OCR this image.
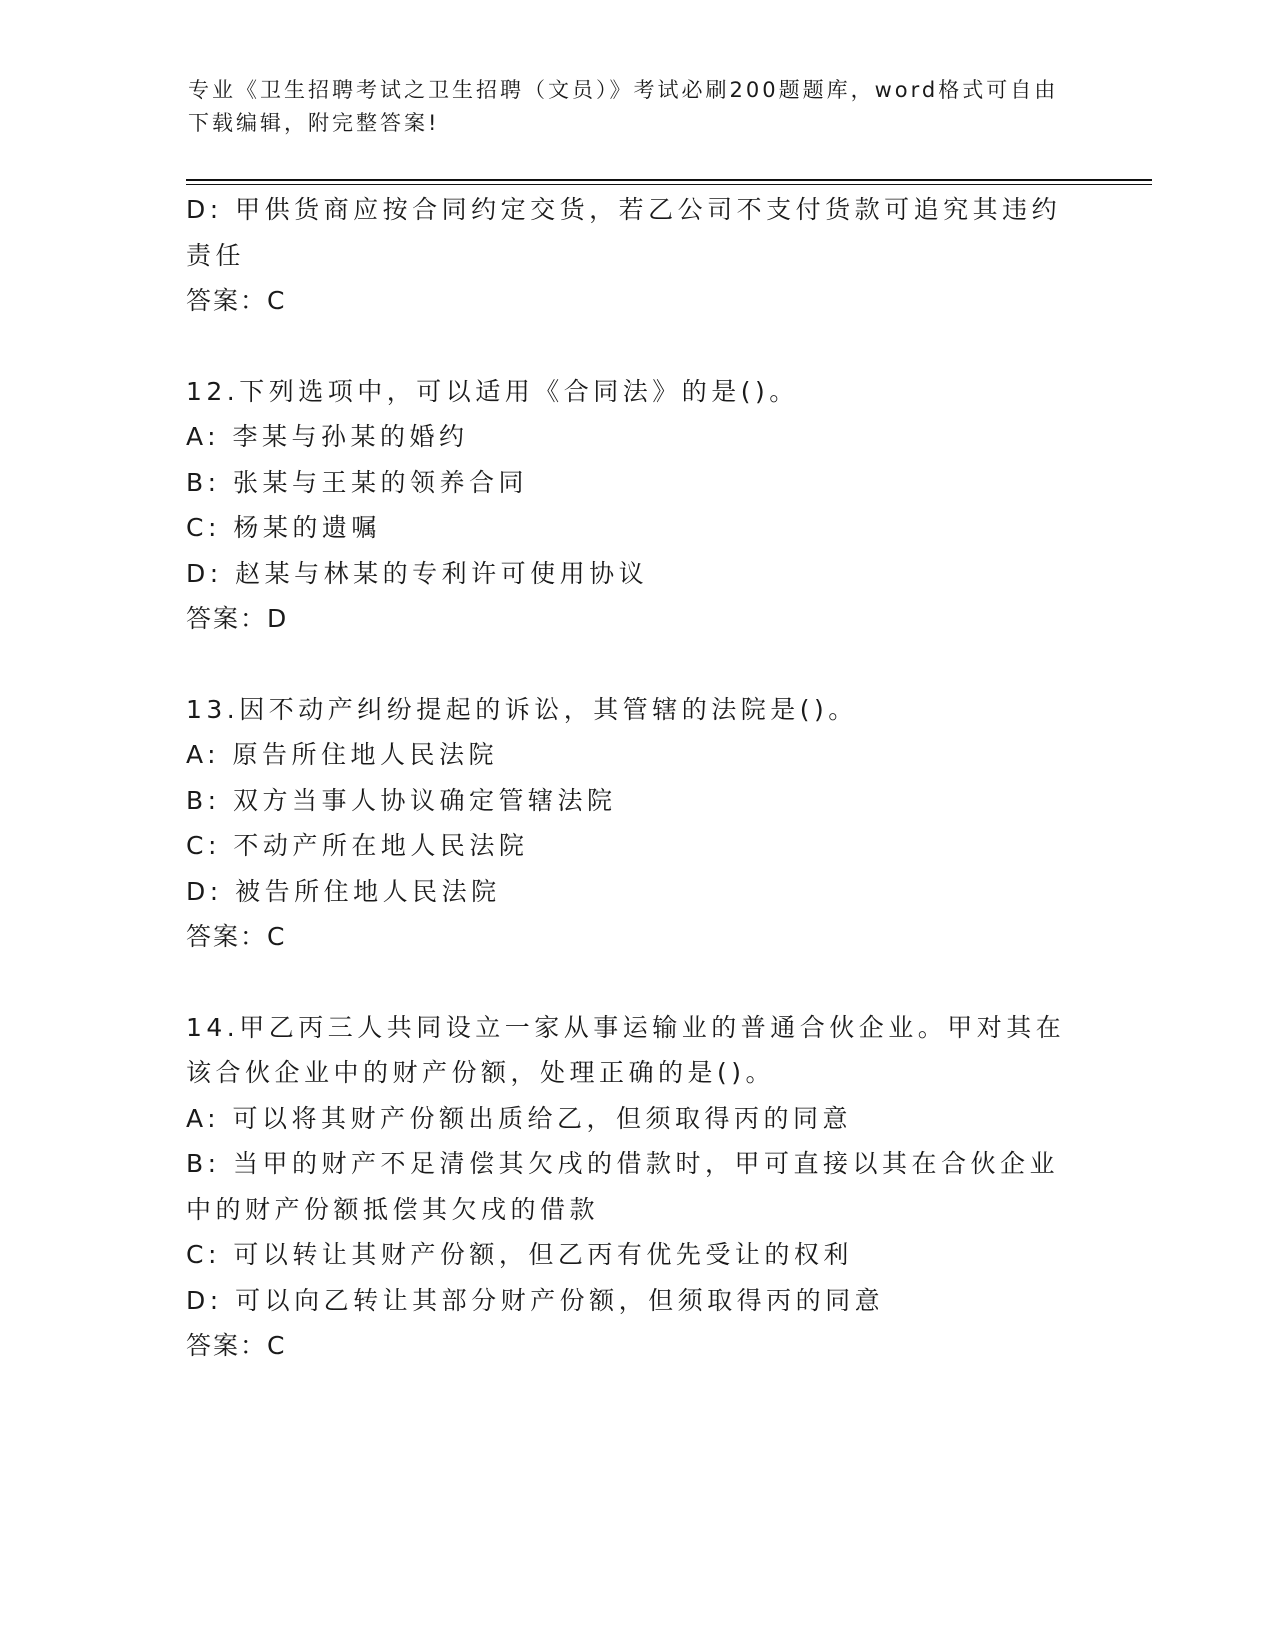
专业《卫生招聘考试之卫生招聘（文员）》考试必刷200题题库，word格式可自由下载编辑，附完整答案!
D: 甲供货商应按合同约定交货，若乙公司不支付货款可追究其违约责任
答案：C
12.下列选项中，可以适用《合同法》的是()。
A: 李某与孙某的婚约
B: 张某与王某的领养合同
C: 杨某的遗嘱
D: 赵某与林某的专利许可使用协议
答案：D
13.因不动产纠纷提起的诉讼，其管辖的法院是()。
A: 原告所住地人民法院
B: 双方当事人协议确定管辖法院
C: 不动产所在地人民法院
D: 被告所住地人民法院
答案：C
14.甲乙丙三人共同设立一家从事运输业的普通合伙企业。甲对其在该合伙企业中的财产份额，处理正确的是()。
A: 可以将其财产份额出质给乙，但须取得丙的同意
B: 当甲的财产不足清偿其欠戌的借款时，甲可直接以其在合伙企业中的财产份额抵偿其欠戌的借款
C: 可以转让其财产份额，但乙丙有优先受让的权利
D: 可以向乙转让其部分财产份额，但须取得丙的同意
答案：C
